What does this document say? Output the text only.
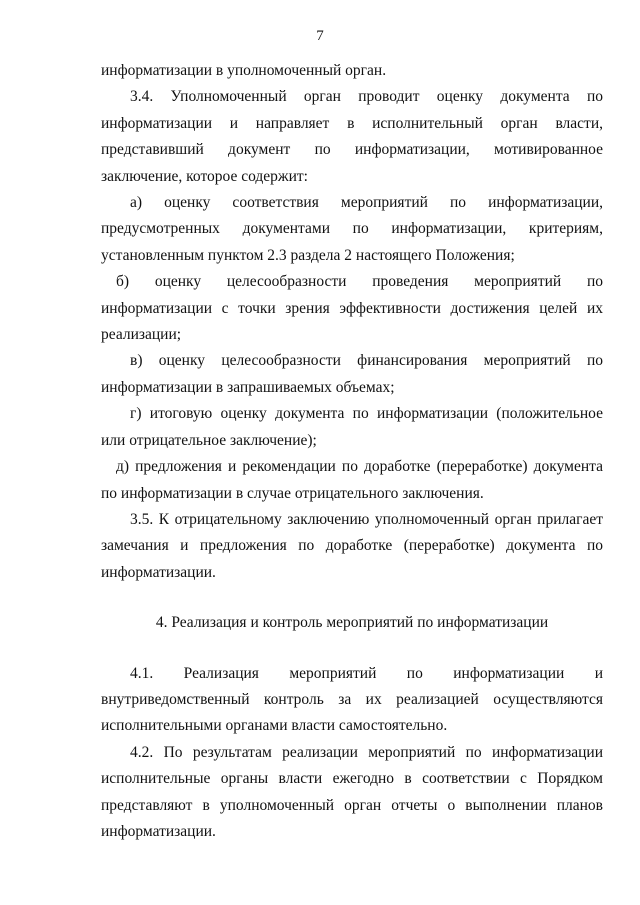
7

информатизации в уполномоченный орган.

3.4. Уполномоченный орган проводит оценку документа по информатизации и направляет в исполнительный орган власти, представивший документ по информатизации, мотивированное заключение, которое содержит:

а) оценку соответствия мероприятий по информатизации, предусмотренных документами по информатизации, критериям, установленным пунктом 2.3 раздела 2 настоящего Положения;

б) оценку целесообразности проведения мероприятий по информатизации с точки зрения эффективности достижения целей их реализации;

в) оценку целесообразности финансирования мероприятий по информатизации в запрашиваемых объемах;

г) итоговую оценку документа по информатизации (положительное или отрицательное заключение);

д) предложения и рекомендации по доработке (переработке) документа по информатизации в случае отрицательного заключения.

3.5. К отрицательному заключению уполномоченный орган прилагает замечания и предложения по доработке (переработке) документа по информатизации.

4. Реализация и контроль мероприятий по информатизации

4.1. Реализация мероприятий по информатизации и внутриведомственный контроль за их реализацией осуществляются исполнительными органами власти самостоятельно.

4.2. По результатам реализации мероприятий по информатизации исполнительные органы власти ежегодно в соответствии с Порядком представляют в уполномоченный орган отчеты о выполнении планов информатизации.
